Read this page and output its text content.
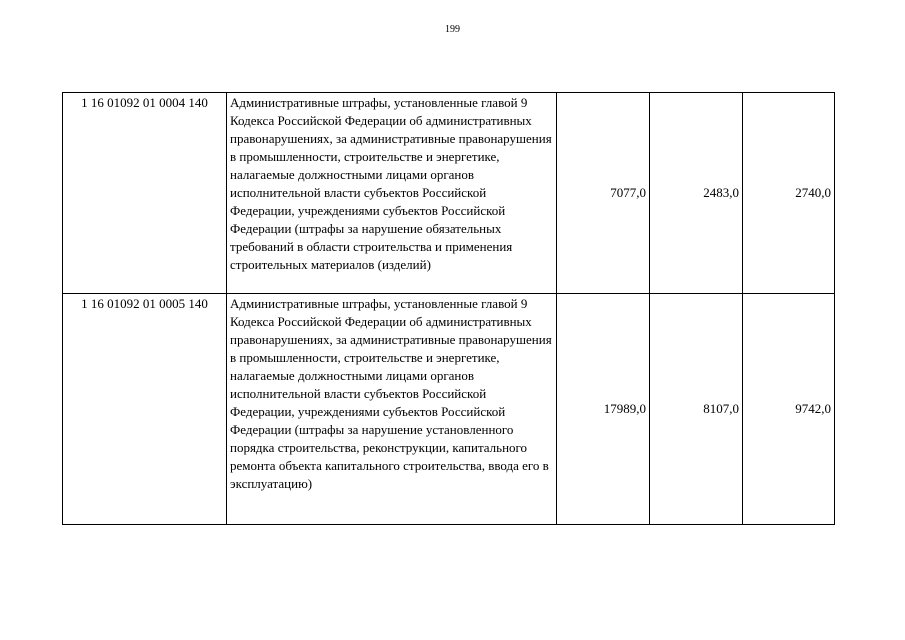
199
1 16 01092 01 0004 140	Административные штрафы, установленные главой 9 Кодекса Российской Федерации об административных правонарушениях, за административные правонарушения в промышленности, строительстве и энергетике, налагаемые должностными лицами органов исполнительной власти субъектов Российской Федерации, учреждениями субъектов Российской Федерации (штрафы за нарушение обязательных требований в области строительства и применения строительных материалов (изделий)	7077,0	2483,0	2740,0
1 16 01092 01 0005 140	Административные штрафы, установленные главой 9 Кодекса Российской Федерации об административных правонарушениях, за административные правонарушения в промышленности, строительстве и энергетике, налагаемые должностными лицами органов исполнительной власти субъектов Российской Федерации, учреждениями субъектов Российской Федерации (штрафы за нарушение установленного порядка строительства, реконструкции, капитального ремонта объекта капитального строительства, ввода его в эксплуатацию)	17989,0	8107,0	9742,0
